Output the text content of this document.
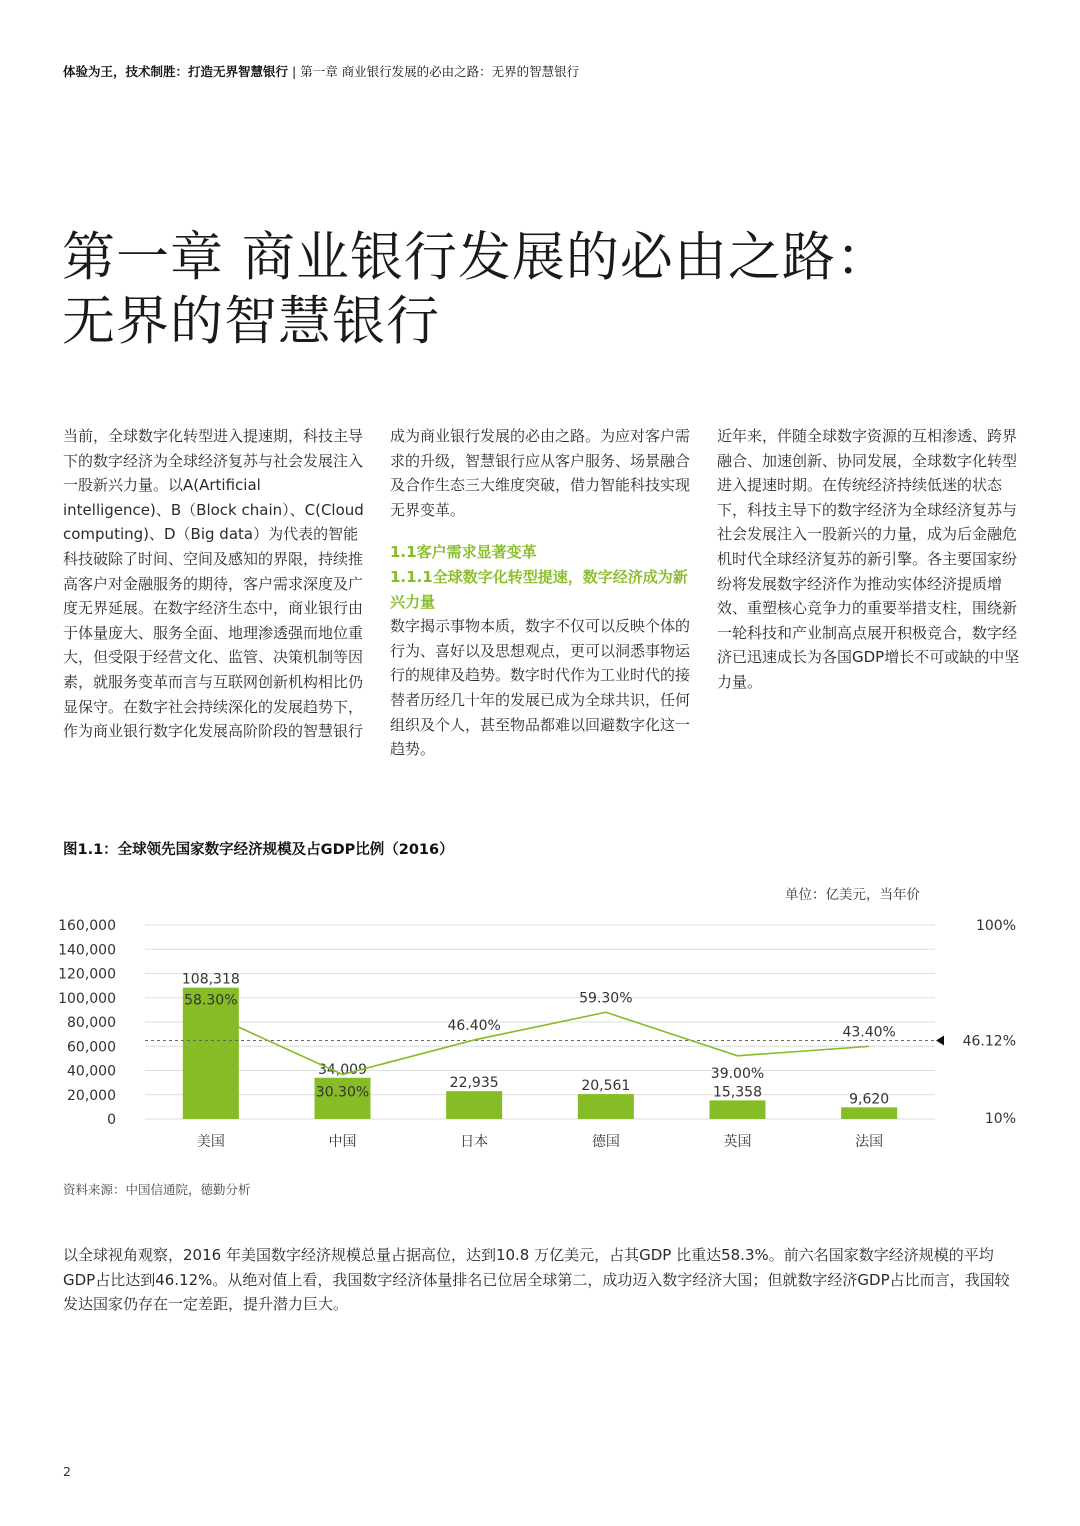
体验为王，技术制胜：打造无界智慧银行 | 第一章 商业银行发展的必由之路：无界的智慧银行
第一章 商业银行发展的必由之路：
无界的智慧银行

当前，全球数字化转型进入提速期，科技主导下的数字经济为全球经济复苏与社会发展注入一股新兴力量。以A(Artificial intelligence)、B（Block chain）、C(Cloud computing)、D（Big data）为代表的智能科技破除了时间、空间及感知的界限，持续推高客户对金融服务的期待，客户需求深度及广度无界延展。在数字经济生态中，商业银行由于体量庞大、服务全面、地理渗透强而地位重大，但受限于经营文化、监管、决策机制等因素，就服务变革而言与互联网创新机构相比仍显保守。在数字社会持续深化的发展趋势下，作为商业银行数字化发展高阶阶段的智慧银行

成为商业银行发展的必由之路。为应对客户需求的升级，智慧银行应从客户服务、场景融合及合作生态三大维度突破，借力智能科技实现无界变革。

1.1客户需求显著变革

1.1.1全球数字化转型提速，数字经济成为新兴力量

数字揭示事物本质，数字不仅可以反映个体的行为、喜好以及思想观点，更可以洞悉事物运行的规律及趋势。数字时代作为工业时代的接替者历经几十年的发展已成为全球共识，任何组织及个人，甚至物品都难以回避数字化这一趋势。

近年来，伴随全球数字资源的互相渗透、跨界融合、加速创新、协同发展，全球数字化转型进入提速时期。在传统经济持续低迷的状态下，科技主导下的数字经济为全球经济复苏与社会发展注入一股新兴的力量，成为后金融危机时代全球经济复苏的新引擎。各主要国家纷纷将发展数字经济作为推动实体经济提质增效、重塑核心竞争力的重要举措支柱，围绕新一轮科技和产业制高点展开积极竞合，数字经济已迅速成长为各国GDP增长不可或缺的中坚力量。

图1.1：全球领先国家数字经济规模及占GDP比例（2016）
单位：亿美元，当年价
0
20,000
40,000
60,000
80,000
100,000
120,000
140,000
160,000	100%
10%
108,318
34,009
22,935	20,561	15,358	9,620
46.12%
58.30%
30.30%
46.40%
59.30%
39.00%
43.40%
美国	中国	日本	德国	英国	法国
资料来源：中国信通院，德勤分析

以全球视角观察，2016 年美国数字经济规模总量占据高位，达到10.8 万亿美元，占其GDP 比重达58.3%。前六名国家数字经济规模的平均GDP占比达到46.12%。从绝对值上看，我国数字经济体量排名已位居全球第二，成功迈入数字经济大国；但就数字经济GDP占比而言，我国较发达国家仍存在一定差距，提升潜力巨大。

2
